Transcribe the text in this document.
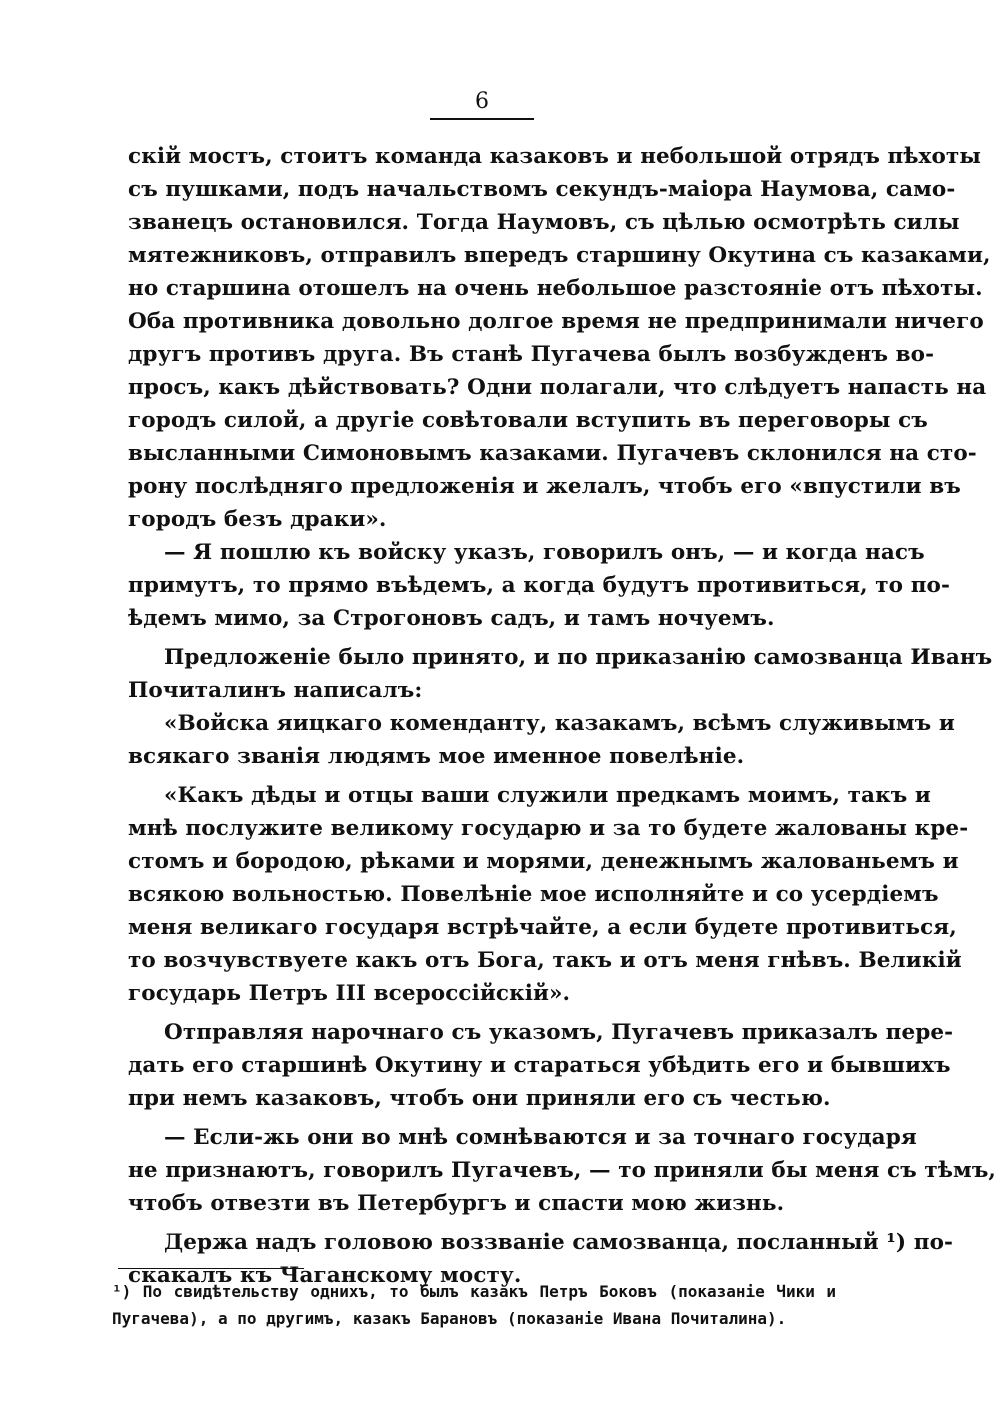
6
скій мостъ, стоитъ команда казаковъ и небольшой отрядъ пѣхоты
съ пушками, подъ начальствомъ секундъ-маіора Наумова, само-
званецъ остановился. Тогда Наумовъ, съ цѣлью осмотрѣть силы
мятежниковъ, отправилъ впередъ старшину Окутина съ казаками,
но старшина отошелъ на очень небольшое разстояніе отъ пѣхоты.
Оба противника довольно долгое время не предпринимали ничего
другъ противъ друга. Въ станѣ Пугачева былъ возбужденъ во-
просъ, какъ дѣйствовать? Одни полагали, что слѣдуетъ напасть на
городъ силой, а другіе совѣтовали вступить въ переговоры съ
высланными Симоновымъ казаками. Пугачевъ склонился на сто-
рону послѣдняго предложенія и желалъ, чтобъ его «впустили въ
городъ безъ драки».
— Я пошлю къ войску указъ, говорилъ онъ, — и когда насъ
примутъ, то прямо въѣдемъ, а когда будутъ противиться, то по-
ѣдемъ мимо, за Строгоновъ садъ, и тамъ ночуемъ.
Предложеніе было принято, и по приказанію самозванца Иванъ
Почиталинъ написалъ:
«Войска яицкаго коменданту, казакамъ, всѣмъ служивымъ и
всякаго званія людямъ мое именное повелѣніе.
«Какъ дѣды и отцы ваши служили предкамъ моимъ, такъ и
мнѣ послужите великому государю и за то будете жалованы кре-
стомъ и бородою, рѣками и морями, денежнымъ жалованьемъ и
всякою вольностью. Повелѣніе мое исполняйте и со усердіемъ
меня великаго государя встрѣчайте, а если будете противиться,
то возчувствуете какъ отъ Бога, такъ и отъ меня гнѣвъ. Великій
государь Петръ III всероссійскій».
Отправляя нарочнаго съ указомъ, Пугачевъ приказалъ пере-
дать его старшинѣ Окутину и стараться убѣдить его и бывшихъ
при немъ казаковъ, чтобъ они приняли его съ честью.
— Если-жь они во мнѣ сомнѣваются и за точнаго государя
не признаютъ, говорилъ Пугачевъ, — то приняли бы меня съ тѣмъ,
чтобъ отвезти въ Петербургъ и спасти мою жизнь.
Держа надъ головою воззваніе самозванца, посланный ¹) по-
скакалъ къ Чаганскому мосту.
¹) По свидѣтельству однихъ, то былъ казакъ Петръ Боковъ (показаніе Чики и
Пугачева), а по другимъ, казакъ Барановъ (показаніе Ивана Почиталина).
